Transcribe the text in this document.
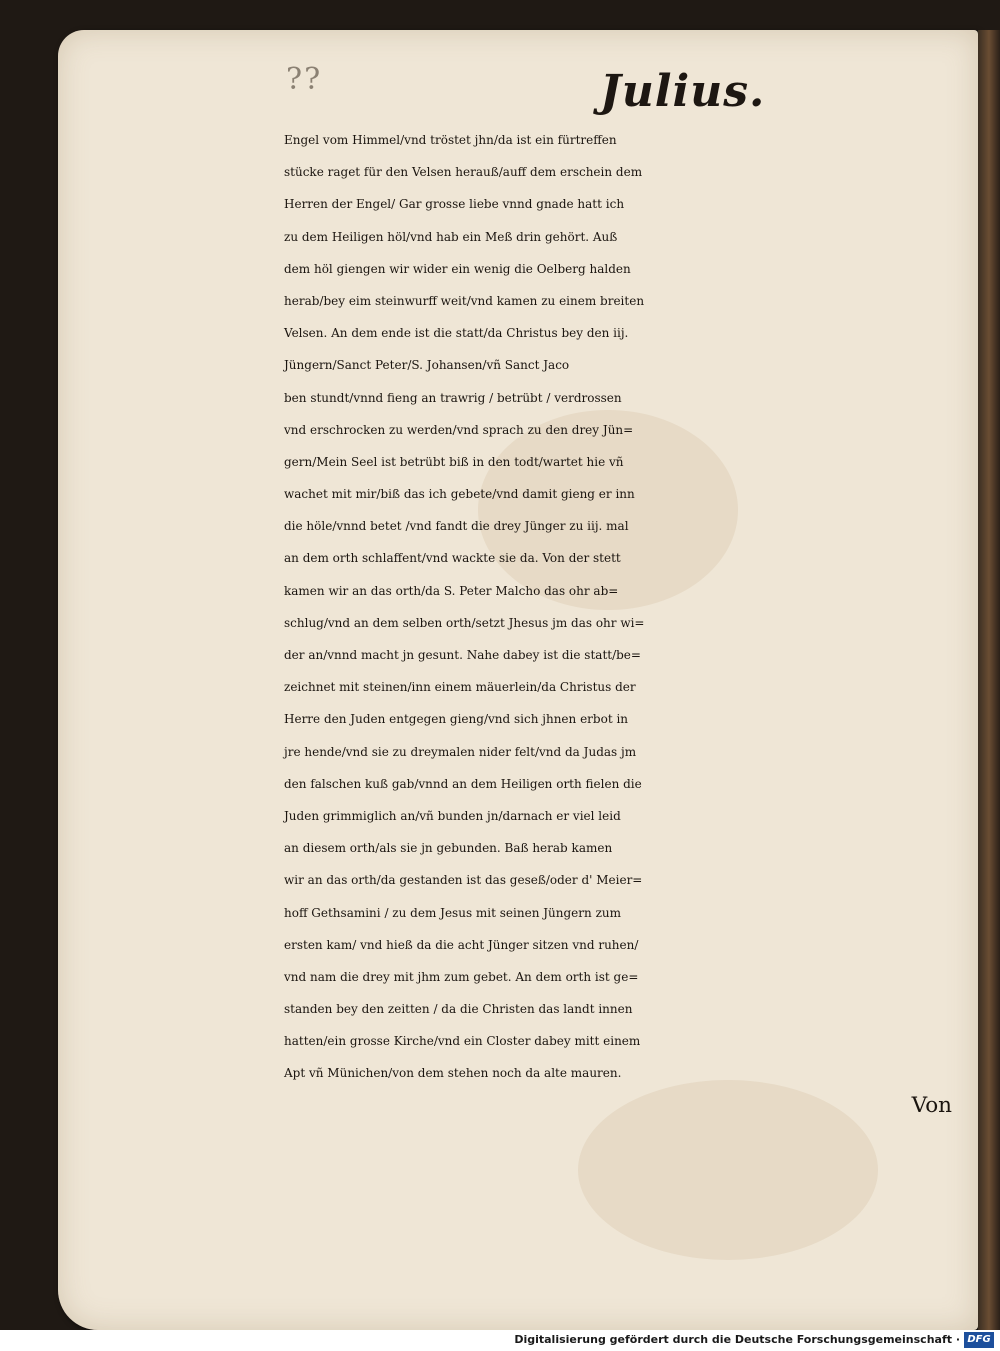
??	Julius.
Engel vom Himmel/vnd tröstet jhn/da ist ein fürtreffen
stücke raget für den Velsen herauß/auff dem erschein dem
Herren der Engel/ Gar grosse liebe vnnd gnade hatt ich
zu dem Heiligen höl/vnd hab ein Meß drin gehört. Auß
dem höl giengen wir wider ein wenig die Oelberg halden
herab/bey eim steinwurff weit/vnd kamen zu einem breiten
Velsen. An dem ende ist die statt/da Christus bey den iij.
Jüngern/Sanct Peter/S. Johansen/vñ Sanct Jaco
ben stundt/vnnd fieng an trawrig / betrübt / verdrossen
vnd erschrocken zu werden/vnd sprach zu den drey Jün=
gern/Mein Seel ist betrübt biß in den todt/wartet hie vñ
wachet mit mir/biß das ich gebete/vnd damit gieng er inn
die höle/vnnd betet /vnd fandt die drey Jünger zu iij. mal
an dem orth schlaffent/vnd wackte sie da. Von der stett
kamen wir an das orth/da S. Peter Malcho das ohr ab=
schlug/vnd an dem selben orth/setzt Jhesus jm das ohr wi=
der an/vnnd macht jn gesunt. Nahe dabey ist die statt/be=
zeichnet mit steinen/inn einem mäuerlein/da Christus der
Herre den Juden entgegen gieng/vnd sich jhnen erbot in
jre hende/vnd sie zu dreymalen nider felt/vnd da Judas jm
den falschen kuß gab/vnnd an dem Heiligen orth fielen die
Juden grimmiglich an/vñ bunden jn/darnach er viel leid
an diesem orth/als sie jn gebunden. Baß herab kamen
wir an das orth/da gestanden ist das geseß/oder d' Meier=
hoff Gethsamini / zu dem Jesus mit seinen Jüngern zum
ersten kam/ vnd hieß da die acht Jünger sitzen vnd ruhen/
vnd nam die drey mit jhm zum gebet. An dem orth ist ge=
standen bey den zeitten / da die Christen das landt innen
hatten/ein grosse Kirche/vnd ein Closter dabey mitt einem
Apt vñ Münichen/von dem stehen noch da alte mauren.
Von
Digitalisierung gefördert durch die Deutsche Forschungsgemeinschaft · DFG
